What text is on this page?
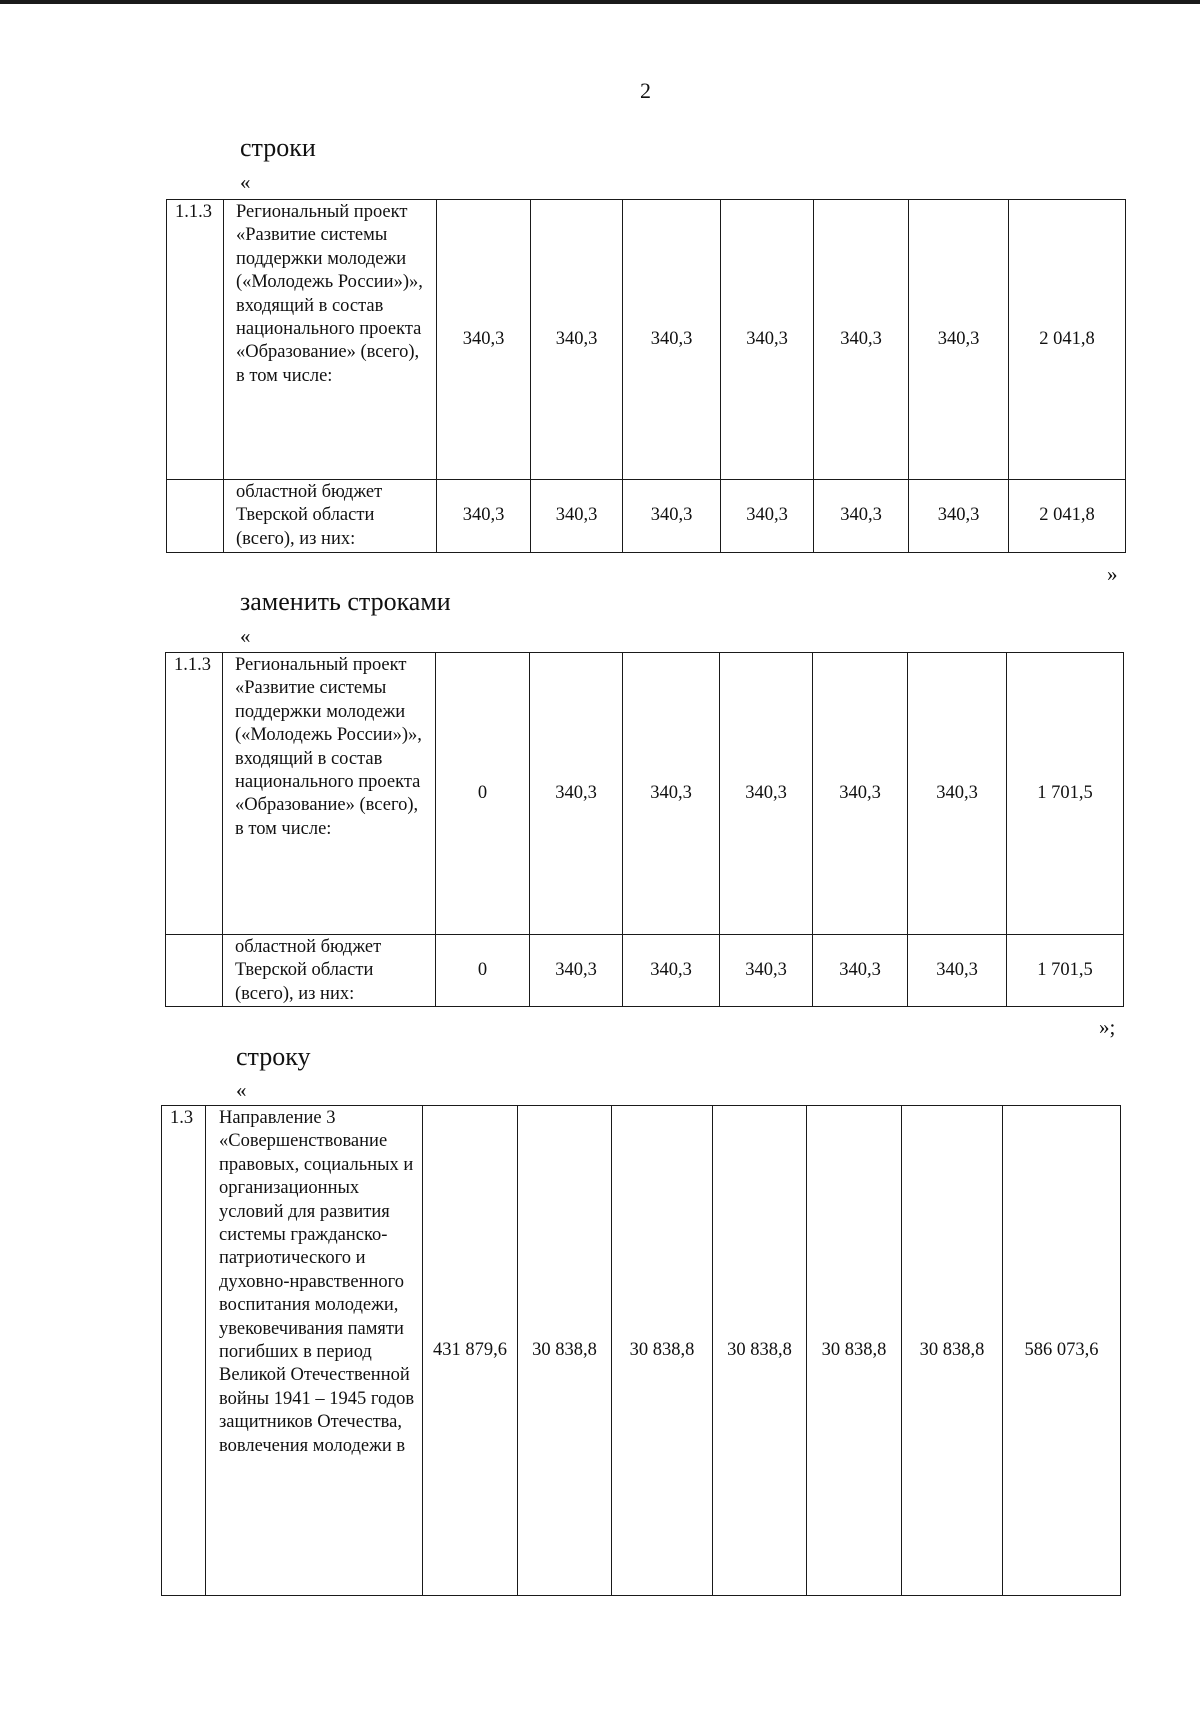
2
строки
«
1.1.3	Региональный проект «Развитие системы поддержки молодежи («Молодежь России»)», входящий в состав национального проекта «Образование» (всего), в том числе:	340,3	340,3	340,3	340,3	340,3	340,3	2 041,8
	областной бюджет Тверской области (всего), из них:	340,3	340,3	340,3	340,3	340,3	340,3	2 041,8
»
заменить строками
«
1.1.3	Региональный проект «Развитие системы поддержки молодежи («Молодежь России»)», входящий в состав национального проекта «Образование» (всего), в том числе:	0	340,3	340,3	340,3	340,3	340,3	1 701,5
	областной бюджет Тверской области (всего), из них:	0	340,3	340,3	340,3	340,3	340,3	1 701,5
»;
строку
«
1.3	Направление 3 «Совершенствование правовых, социальных и организационных условий для развития системы гражданско-патриотического и духовно-нравственного воспитания молодежи, увековечивания памяти погибших в период Великой Отечественной войны 1941 – 1945 годов защитников Отечества, вовлечения молодежи в	431 879,6	30 838,8	30 838,8	30 838,8	30 838,8	30 838,8	586 073,6
